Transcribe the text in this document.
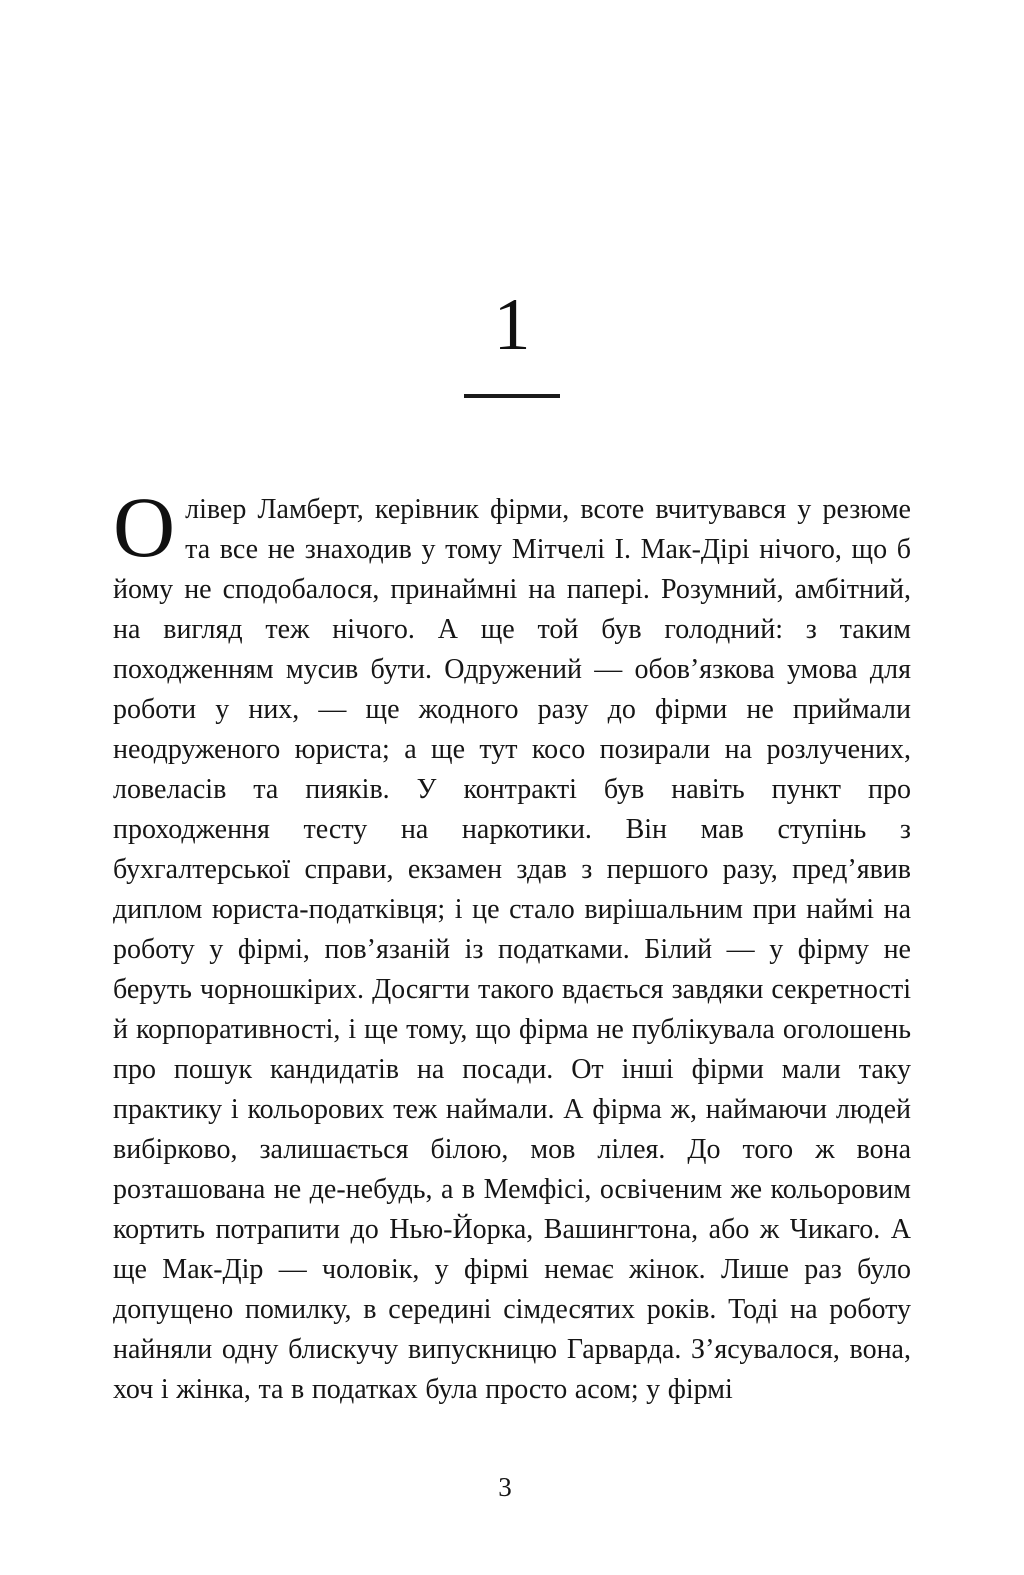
1

Олівер Ламберт, керівник фірми, всоте вчитувався у резюме та все не знаходив у тому Мітчелі І. Мак-Дірі нічого, що б йому не сподобалося, принаймні на папері. Розумний, амбітний, на вигляд теж нічого. А ще той був голодний: з таким походженням мусив бути. Одружений — обов’язкова умова для роботи у них, — ще жодного разу до фірми не приймали неодруженого юриста; а ще тут косо позирали на розлучених, ловеласів та пияків. У контракті був навіть пункт про проходження тесту на наркотики. Він мав ступінь з бухгалтерської справи, екзамен здав з першого разу, пред’явив диплом юриста-податківця; і це стало вирішальним при наймі на роботу у фірмі, пов’язаній із податками. Білий — у фірму не беруть чорношкірих. Досягти такого вдається завдяки секретності й корпоративності, і ще тому, що фірма не публікувала оголошень про пошук кандидатів на посади. От інші фірми мали таку практику і кольорових теж наймали. А фірма ж, наймаючи людей вибірково, залишається білою, мов лілея. До того ж вона розташована не де-небудь, а в Мемфісі, освіченим же кольоровим кортить потрапити до Нью-Йорка, Вашингтона, або ж Чикаго. А ще Мак-Дір — чоловік, у фірмі немає жінок. Лише раз було допущено помилку, в середині сімдесятих років. Тоді на роботу найняли одну блискучу випускницю Гарварда. З’ясувалося, вона, хоч і жінка, та в податках була просто асом; у фірмі

3
